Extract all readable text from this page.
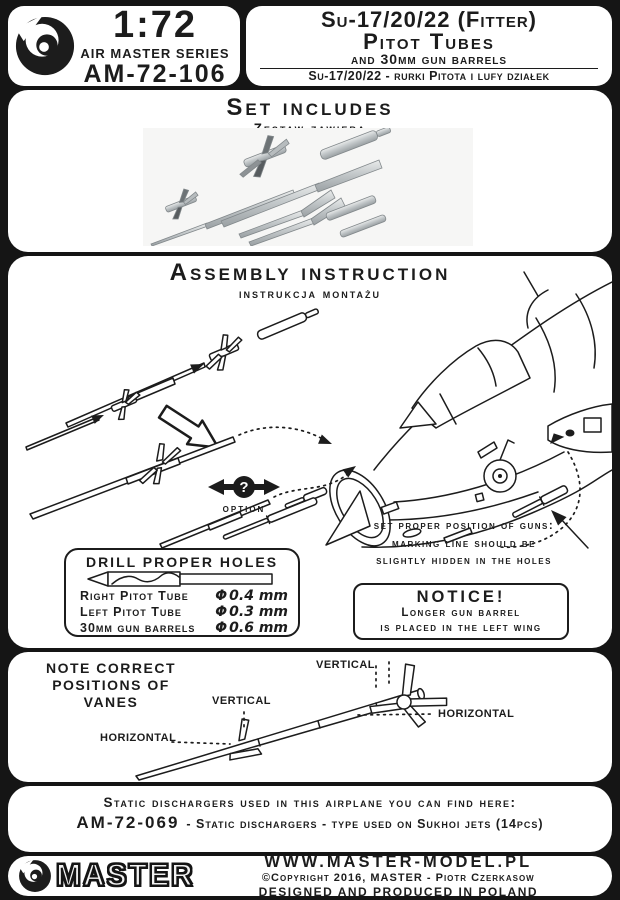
1:72
AIR MASTER SERIES
AM-72-106
Su-17/20/22 (Fitter)
Pitot Tubes
and 30mm gun barrels
Su-17/20/22 - rurki Pitota i lufy działek
Set includes
Assembly instruction
instrukcja montażu
?
set proper position of guns:
marking line should be
slightly hidden in the holes
option
DRILL PROPER HOLES
Right Pitot Tube	Φ 0.4 mm
Left Pitot Tube	Φ 0.3 mm
30mm gun barrels	Φ 0.6 mm
NOTICE!
Longer gun barrel
is placed in the left wing
NOTE CORRECT
POSITIONS OF VANES
VERTICAL
VERTICAL
HORIZONTAL
HORIZONTAL
Static dischargers used in this airplane you can find here:
AM-72-069 - Static dischargers - type used on Sukhoi jets (14pcs)
MASTER	WWW.MASTER-MODEL.PL
©Copyright 2016, MASTER - Piotr Czerkasow
DESIGNED AND PRODUCED IN POLAND
